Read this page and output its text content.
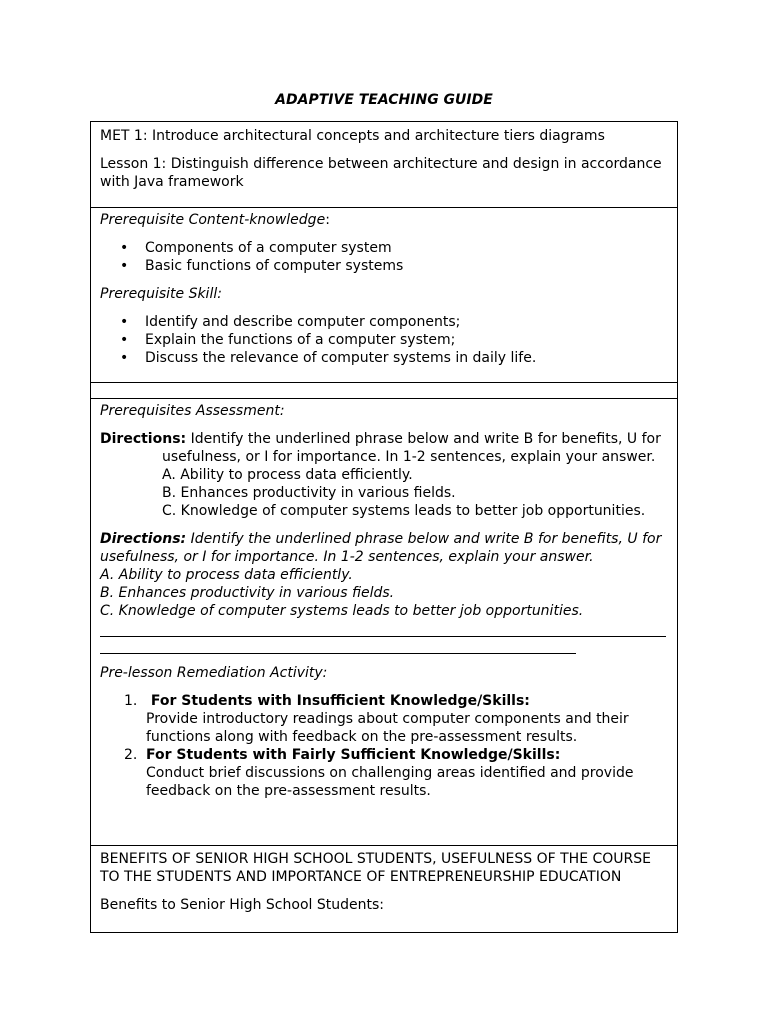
ADAPTIVE TEACHING GUIDE

MET 1: Introduce architectural concepts and architecture tiers diagrams

Lesson 1: Distinguish difference between architecture and design in accordance with Java framework

Prerequisite Content-knowledge:

• Components of a computer system
• Basic functions of computer systems

Prerequisite Skill:

• Identify and describe computer components;
• Explain the functions of a computer system;
• Discuss the relevance of computer systems in daily life.

Prerequisites Assessment:

Directions: Identify the underlined phrase below and write B for benefits, U for

usefulness, or I for importance. In 1-2 sentences, explain your answer.

A. Ability to process data efficiently.

B. Enhances productivity in various fields.

C. Knowledge of computer systems leads to better job opportunities.

Directions: Identify the underlined phrase below and write B for benefits, U for usefulness, or I for importance. In 1-2 sentences, explain your answer.

A. Ability to process data efficiently.

B. Enhances productivity in various fields.

C. Knowledge of computer systems leads to better job opportunities.

Pre-lesson Remediation Activity:

1. For Students with Insufficient Knowledge/Skills:
Provide introductory readings about computer components and their functions along with feedback on the pre-assessment results.
2. For Students with Fairly Sufficient Knowledge/Skills:
Conduct brief discussions on challenging areas identified and provide feedback on the pre-assessment results.

BENEFITS OF SENIOR HIGH SCHOOL STUDENTS, USEFULNESS OF THE COURSE TO THE STUDENTS AND IMPORTANCE OF ENTREPRENEURSHIP EDUCATION

Benefits to Senior High School Students:
